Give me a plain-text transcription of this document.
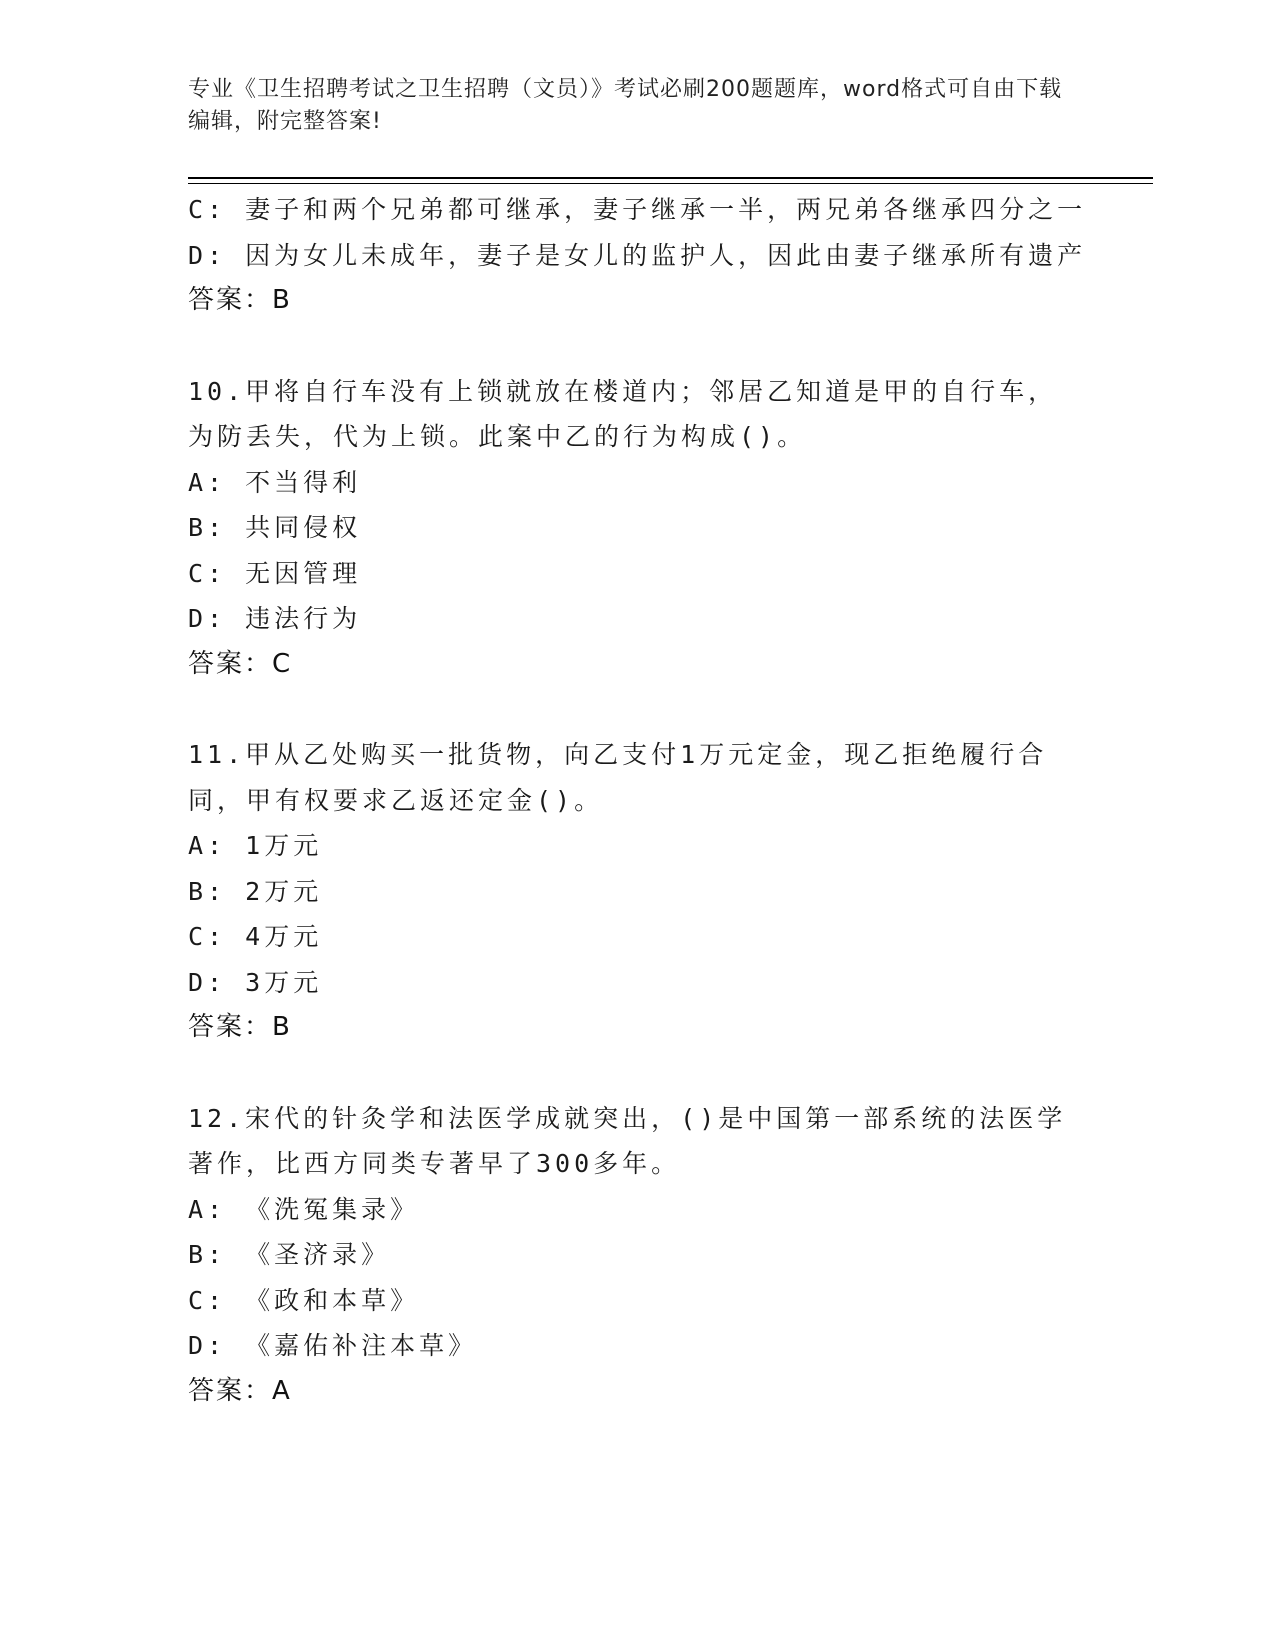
专业《卫生招聘考试之卫生招聘（文员）》考试必刷200题题库，word格式可自由下载编辑，附完整答案!
C: 妻子和两个兄弟都可继承，妻子继承一半，两兄弟各继承四分之一
D: 因为女儿未成年，妻子是女儿的监护人，因此由妻子继承所有遗产
答案：B
10.甲将自行车没有上锁就放在楼道内；邻居乙知道是甲的自行车，为防丢失，代为上锁。此案中乙的行为构成()。
A: 不当得利
B: 共同侵权
C: 无因管理
D: 违法行为
答案：C
11.甲从乙处购买一批货物，向乙支付1万元定金，现乙拒绝履行合同，甲有权要求乙返还定金()。
A: 1万元
B: 2万元
C: 4万元
D: 3万元
答案：B
12.宋代的针灸学和法医学成就突出，()是中国第一部系统的法医学著作，比西方同类专著早了300多年。
A: 《洗冤集录》
B: 《圣济录》
C: 《政和本草》
D: 《嘉佑补注本草》
答案：A
